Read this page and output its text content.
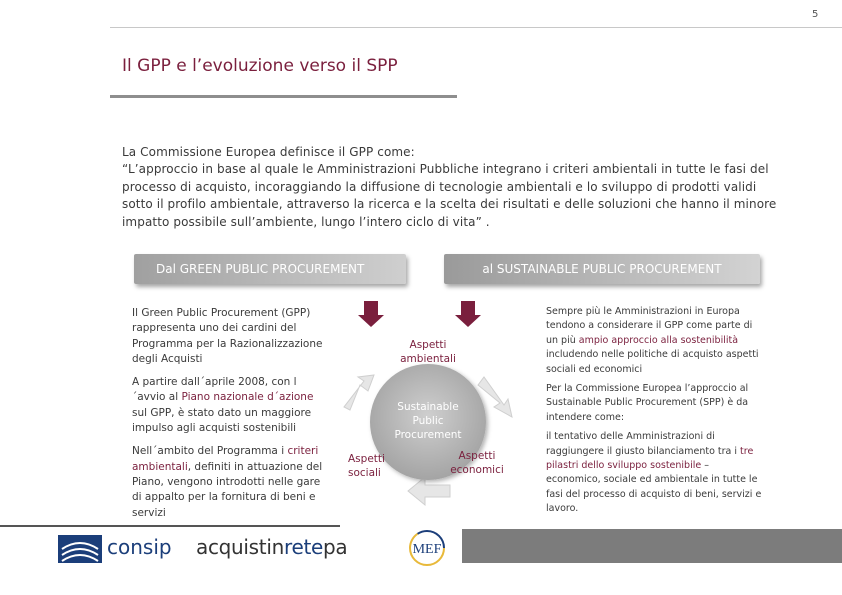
5
Il GPP e l’evoluzione verso il SPP

La Commissione Europea definisce il GPP come:

“L’approccio in base al quale le Amministrazioni Pubbliche integrano i criteri ambientali in tutte le fasi del processo di acquisto, incoraggiando la diffusione di tecnologie ambientali e lo sviluppo di prodotti validi sotto il profilo ambientale, attraverso la ricerca e la scelta dei risultati e delle soluzioni che hanno il minore impatto possibile sull’ambiente, lungo l’intero ciclo di vita” .

Dal GREEN PUBLIC PROCUREMENT	al SUSTAINABLE PUBLIC PROCUREMENT

Il Green Public Procurement (GPP) rappresenta uno dei cardini del Programma per la Razionalizzazione degli Acquisti

A partire dall´aprile 2008, con l´avvio al Piano nazionale d´azione sul GPP, è stato dato un maggiore impulso agli acquisti sostenibili

Nell´ambito del Programma i criteri ambientali, definiti in attuazione del Piano, vengono introdotti nelle gare di appalto per la fornitura di beni e servizi

Aspetti ambientali
Sustainable Public Procurement
Aspetti sociali
Aspetti economici

Sempre più le Amministrazioni in Europa tendono a considerare il GPP come parte di un più ampio approccio alla sostenibilità includendo nelle politiche di acquisto aspetti sociali ed economici

Per la Commissione Europea l’approccio al Sustainable Public Procurement (SPP) è da intendere come:

il tentativo delle Amministrazioni di raggiungere il giusto bilanciamento tra i tre pilastri dello sviluppo sostenibile – economico, sociale ed ambientale in tutte le fasi del processo di acquisto di beni, servizi e lavoro.

consip acquistinretepa	MEF
